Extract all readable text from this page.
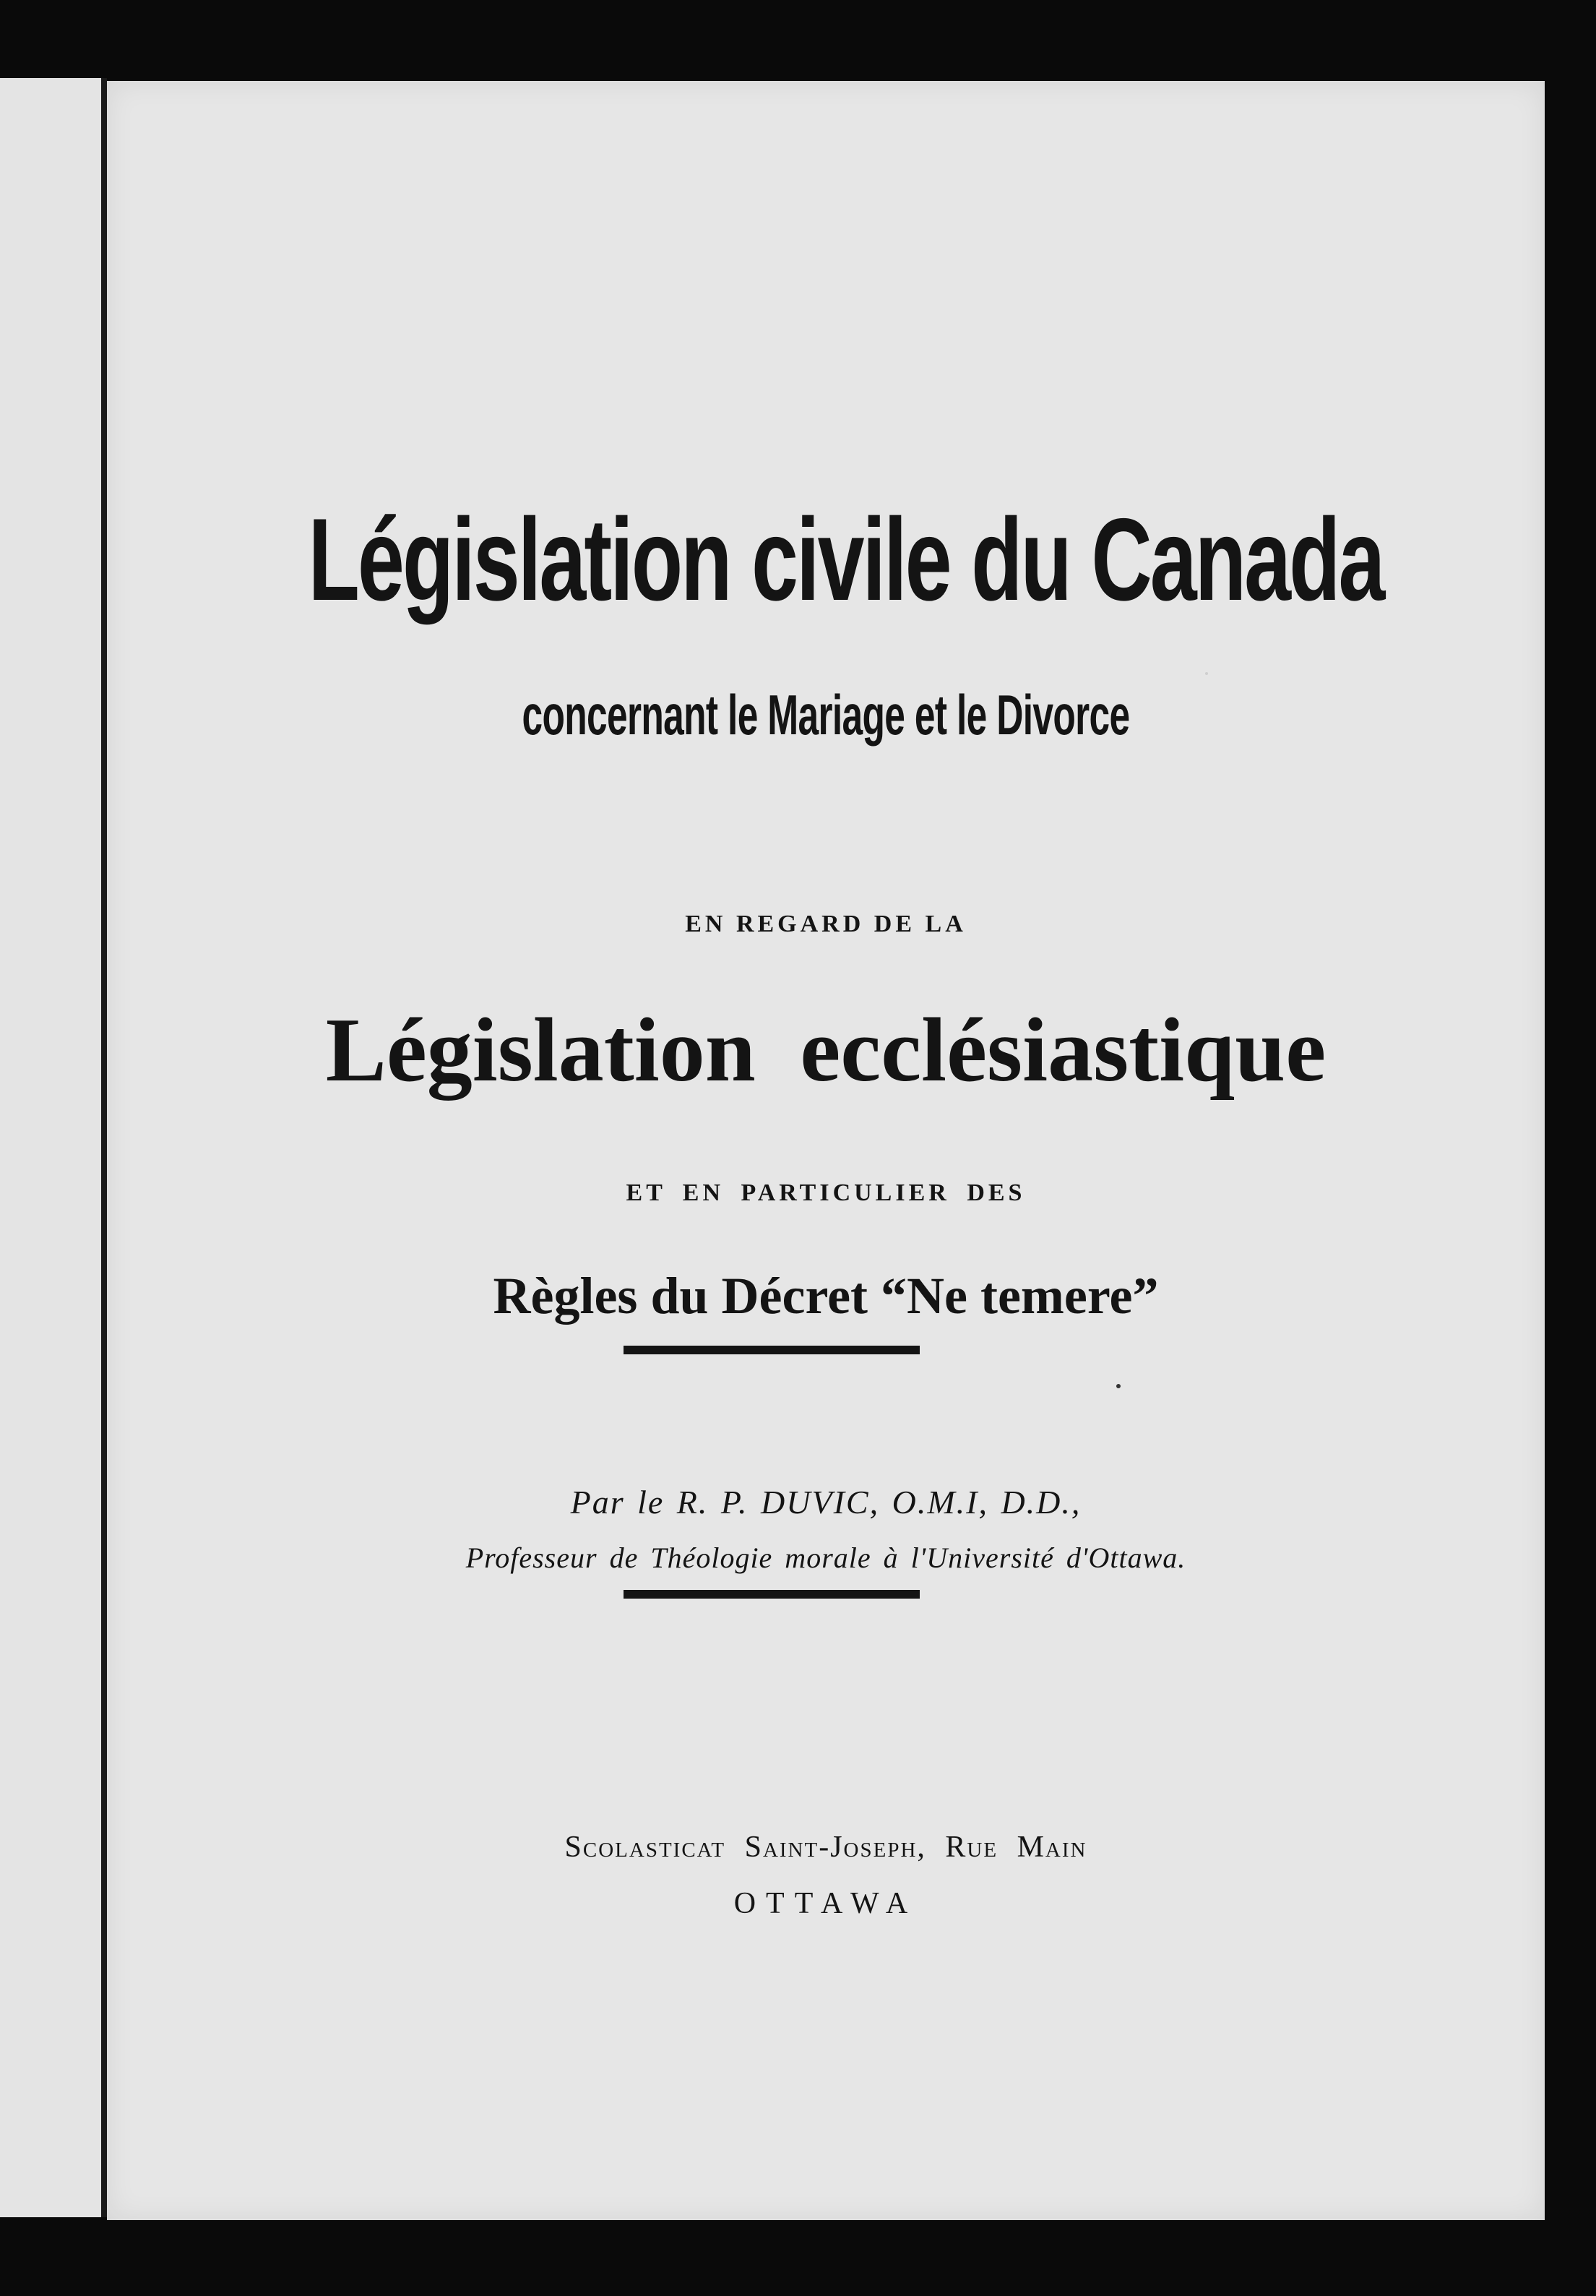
Législation civile du Canada
concernant le Mariage et le Divorce
EN REGARD DE LA
Législation ecclésiastique
ET EN PARTICULIER DES
Règles du Décret “Ne temere”
Par le R. P. DUVIC, O.M.I, D.D.,
Professeur de Théologie morale à l'Université d'Ottawa.
Scolasticat Saint-Joseph, Rue Main
OTTAWA
